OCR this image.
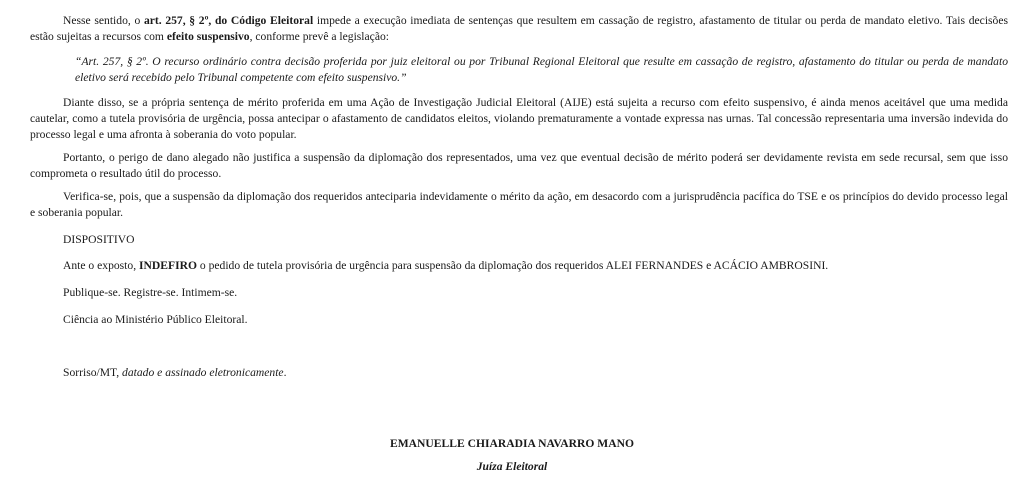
Nesse sentido, o art. 257, § 2º, do Código Eleitoral impede a execução imediata de sentenças que resultem em cassação de registro, afastamento de titular ou perda de mandato eletivo. Tais decisões estão sujeitas a recursos com efeito suspensivo, conforme prevê a legislação:

“Art. 257, § 2º. O recurso ordinário contra decisão proferida por juiz eleitoral ou por Tribunal Regional Eleitoral que resulte em cassação de registro, afastamento do titular ou perda de mandato eletivo será recebido pelo Tribunal competente com efeito suspensivo.”

Diante disso, se a própria sentença de mérito proferida em uma Ação de Investigação Judicial Eleitoral (AIJE) está sujeita a recurso com efeito suspensivo, é ainda menos aceitável que uma medida cautelar, como a tutela provisória de urgência, possa antecipar o afastamento de candidatos eleitos, violando prematuramente a vontade expressa nas urnas. Tal concessão representaria uma inversão indevida do processo legal e uma afronta à soberania do voto popular.

Portanto, o perigo de dano alegado não justifica a suspensão da diplomação dos representados, uma vez que eventual decisão de mérito poderá ser devidamente revista em sede recursal, sem que isso comprometa o resultado útil do processo.

Verifica-se, pois, que a suspensão da diplomação dos requeridos anteciparia indevidamente o mérito da ação, em desacordo com a jurisprudência pacífica do TSE e os princípios do devido processo legal e soberania popular.

DISPOSITIVO

Ante o exposto, INDEFIRO o pedido de tutela provisória de urgência para suspensão da diplomação dos requeridos ALEI FERNANDES e ACÁCIO AMBROSINI.

Publique-se. Registre-se. Intimem-se.

Ciência ao Ministério Público Eleitoral.

Sorriso/MT, datado e assinado eletronicamente.

EMANUELLE CHIARADIA NAVARRO MANO

Juíza Eleitoral
